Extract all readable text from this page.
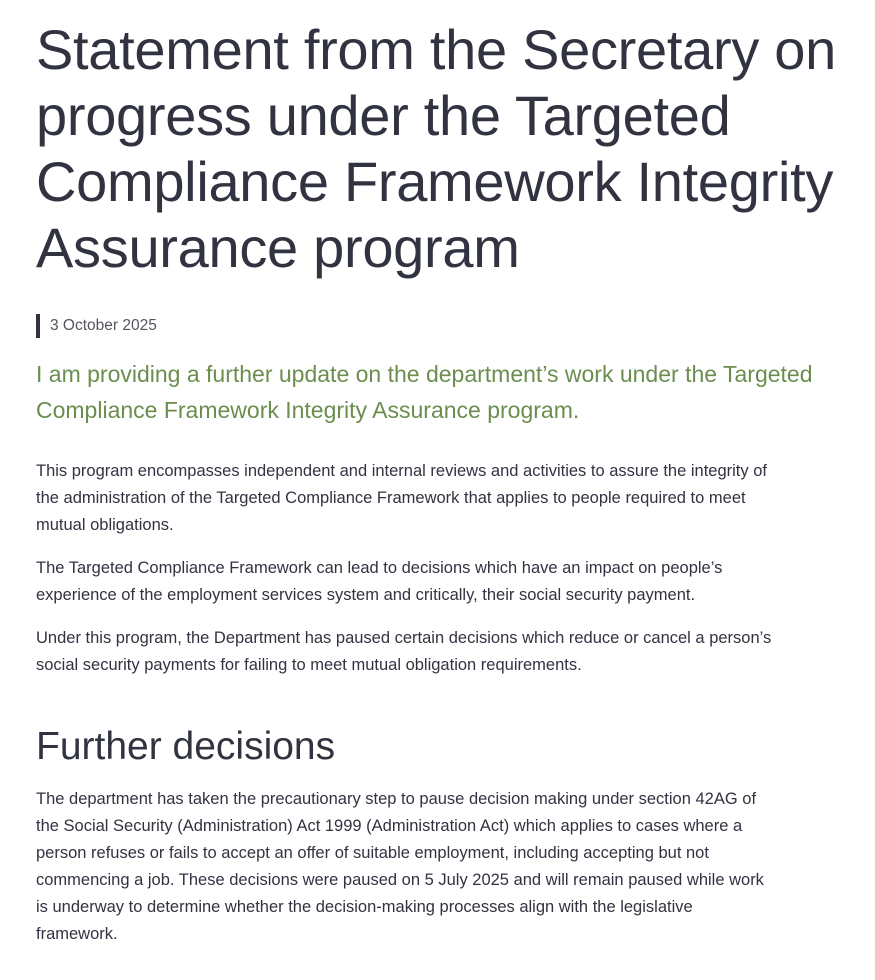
Statement from the Secretary on progress under the Targeted Compliance Framework Integrity Assurance program
3 October 2025

I am providing a further update on the department’s work under the Targeted Compliance Framework Integrity Assurance program.

This program encompasses independent and internal reviews and activities to assure the integrity of the administration of the Targeted Compliance Framework that applies to people required to meet mutual obligations.

The Targeted Compliance Framework can lead to decisions which have an impact on people’s experience of the employment services system and critically, their social security payment.

Under this program, the Department has paused certain decisions which reduce or cancel a person’s social security payments for failing to meet mutual obligation requirements.

Further decisions

The department has taken the precautionary step to pause decision making under section 42AG of the Social Security (Administration) Act 1999 (Administration Act) which applies to cases where a person refuses or fails to accept an offer of suitable employment, including accepting but not commencing a job. These decisions were paused on 5 July 2025 and will remain paused while work is underway to determine whether the decision-making processes align with the legislative framework.
